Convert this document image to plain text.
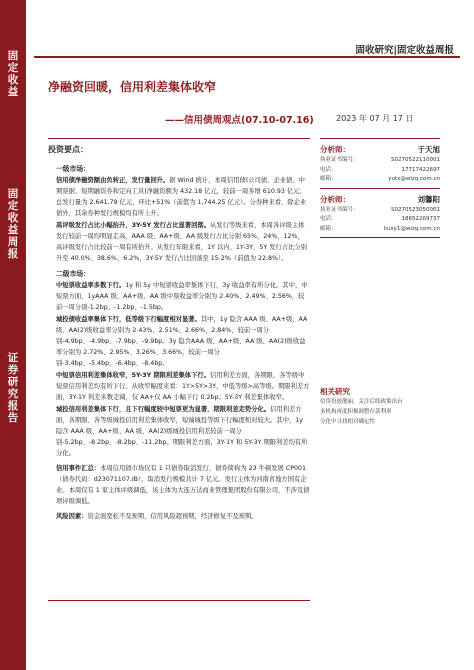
固
定
收
益
固
定
收
益
周
报
证
券
研
究
报
告
固收研究|固定收益周报
净融资回暖，信用利差集体收窄
——信用债周观点(07.10-07.16)	2023 年 07 月 17 日
投资要点：
一级市场：
信用债净融资额由负转正，发行量回升。据 Wind 统计，本周信用债(公司债、企业债、中期票据、短期融资券和定向工具)净融资额为 432.18 亿元，较前一周多增 610.93 亿元；总发行量为 2,641.79 亿元，环比+51%（前值为 1,744.25 亿元）。分券种来看，除企业债外，其余券种发行规模均有所上升。
高评级发行占比小幅抬升，3Y-5Y 发行占比显著回落。从发行等级来看，本周各评级主体发行较前一周均明显走高，AAA 级、AA+级、AA 级发行占比分别 65%、24%、12%，高评级发行占比较前一周有所抬升。从发行年限来看，1Y 以内、1Y-3Y、5Y 发行占比分别升至 40.0%、38.6%、6.2%，3Y-5Y 发行占比回落至 15.2%（前值为 22.8%）。
二级市场：
中短票收益率多数下行。1y 和 5y 中短票收益率集体下行，3y 收益率有所分化。其中，中短票方面，1yAAA 级、AA+级、AA 级中票收益率分别为 2.40%、2.49%、2.56%，较前一周分别-1.2bp、-1.2bp、-1.5bp。
城投债收益率集体下行，低等级下行幅度相对显著。其中，1y 隐含 AAA 级、AA+级、AA 级、AA(2)级收益率分别为 2.43%、2.51%、2.66%、2.84%，较前一周分别-4.9bp、-4.9bp、-7.9bp、-9.9bp。3y 隐含AAA 级、AA+级、AA 级、AA(2)级收益率分别为 2.72%、2.95%、3.26%、3.66%，较前一周分别-3.4bp、-5.4bp、-6.4bp、-8.4bp。
中短票信用利差集体收窄，5Y-3Y 期限利差集体下行。信用利差方面，各期限、各等级中短票信用利差均有所下行。从收窄幅度来看：1Y>5Y>3Y，中低等级>高等级。期限利差方面，3Y-1Y 利差多数走阔，仅 AA+仅 AA 小幅下行 0.2bp；5Y-3Y 利差集体收窄。
城投信用利差集体下行，且下行幅度较中短票更为显著，期限利差走势分化。信用利差方面，各期限、各等级城投信用利差集体收窄，短端城投等级下行幅度相对较大。其中，1y 隐含 AAA 级、AA+级、AA 级、AA(2)级城投信用利差较前一周分别-5.2bp、-8.2bp、-8.2bp、-11.2bp。期限利差方面，3Y-1Y 和 5Y-3Y 期限利差均有所分化。
信用事件汇总：本周信用债市场仅有 1 只债券取消发行，债券简称为 23 牛顿发展 CP001（债券代码：d23071107.IB）。取消发行规模共计 7 亿元。发行主体为河南省地方国有企业。本周仅有 1 家主体评级调低，该主体为大连万达商业管理集团股份有限公司，不涉及债项评级调低。
风险因素：资金面宽松不及预期，信用风险超预期，经济修复不及预期。
分析师：	于天旭
执业证书编号：	S0270522110001
电话：	17717422697
邮箱：	yutx@wlzq.com.cn
分析师：	刘馨阳
执业证书编号：	S0270523050001
电话：	18652269737
邮箱：	liuxy1@wlzq.com.cn
相关研究
信贷投放靓丽，关注后续政策出台
多机构再度积极调整存款利率
分化中寻找相对确定性
